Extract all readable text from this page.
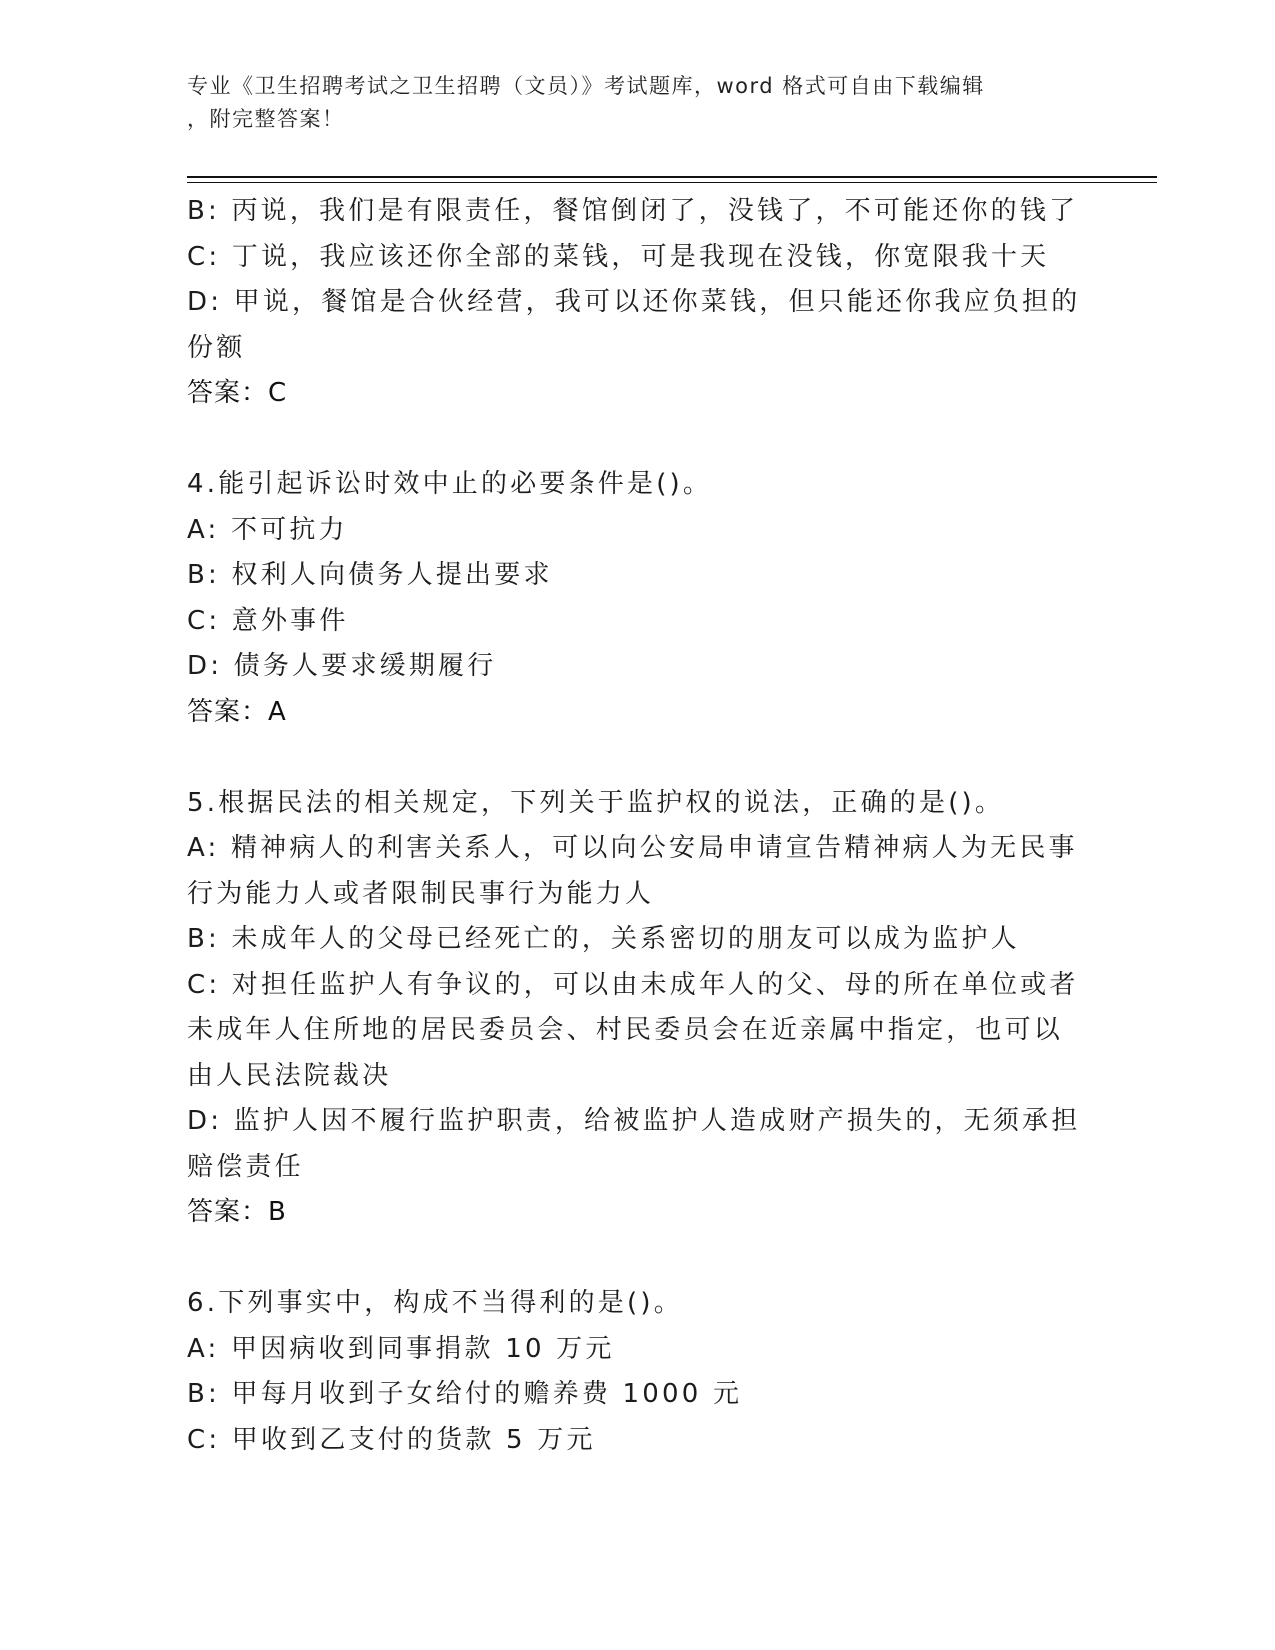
专业《卫生招聘考试之卫生招聘（文员）》考试题库，word 格式可自由下载编辑
，附完整答案！
B: 丙说，我们是有限责任，餐馆倒闭了，没钱了，不可能还你的钱了
C: 丁说，我应该还你全部的菜钱，可是我现在没钱，你宽限我十天
D: 甲说，餐馆是合伙经营，我可以还你菜钱，但只能还你我应负担的
份额
答案：C
4.能引起诉讼时效中止的必要条件是()。
A: 不可抗力
B: 权利人向债务人提出要求
C: 意外事件
D: 债务人要求缓期履行
答案：A
5.根据民法的相关规定，下列关于监护权的说法，正确的是()。
A: 精神病人的利害关系人，可以向公安局申请宣告精神病人为无民事
行为能力人或者限制民事行为能力人
B: 未成年人的父母已经死亡的，关系密切的朋友可以成为监护人
C: 对担任监护人有争议的，可以由未成年人的父、母的所在单位或者
未成年人住所地的居民委员会、村民委员会在近亲属中指定，也可以
由人民法院裁决
D: 监护人因不履行监护职责，给被监护人造成财产损失的，无须承担
赔偿责任
答案：B
6.下列事实中，构成不当得利的是()。
A: 甲因病收到同事捐款 10 万元
B: 甲每月收到子女给付的赡养费 1000 元
C: 甲收到乙支付的货款 5 万元
